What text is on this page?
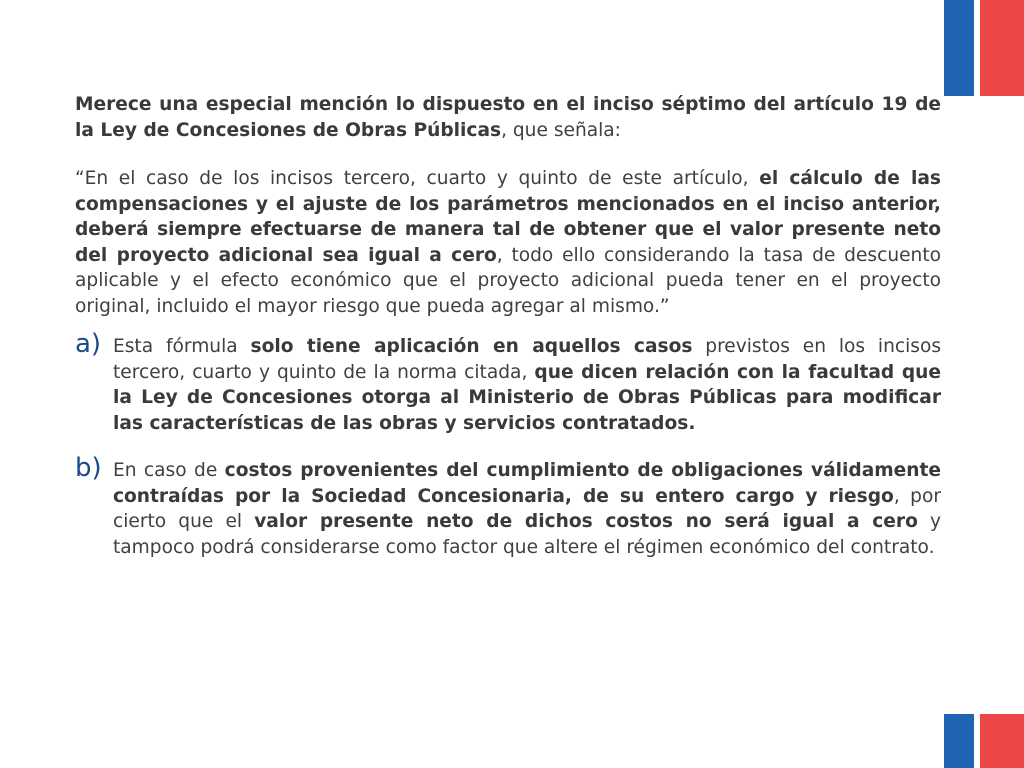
Merece una especial mención lo dispuesto en el inciso séptimo del artículo 19 de la Ley de Concesiones de Obras Públicas, que señala:

“En el caso de los incisos tercero, cuarto y quinto de este artículo, el cálculo de las compensaciones y el ajuste de los parámetros mencionados en el inciso anterior, deberá siempre efectuarse de manera tal de obtener que el valor presente neto del proyecto adicional sea igual a cero, todo ello considerando la tasa de descuento aplicable y el efecto económico que el proyecto adicional pueda tener en el proyecto original, incluido el mayor riesgo que pueda agregar al mismo.”

a) Esta fórmula solo tiene aplicación en aquellos casos previstos en los incisos tercero, cuarto y quinto de la norma citada, que dicen relación con la facultad que la Ley de Concesiones otorga al Ministerio de Obras Públicas para modificar las características de las obras y servicios contratados.
b) En caso de costos provenientes del cumplimiento de obligaciones válidamente contraídas por la Sociedad Concesionaria, de su entero cargo y riesgo, por cierto que el valor presente neto de dichos costos no será igual a cero y tampoco podrá considerarse como factor que altere el régimen económico del contrato.
